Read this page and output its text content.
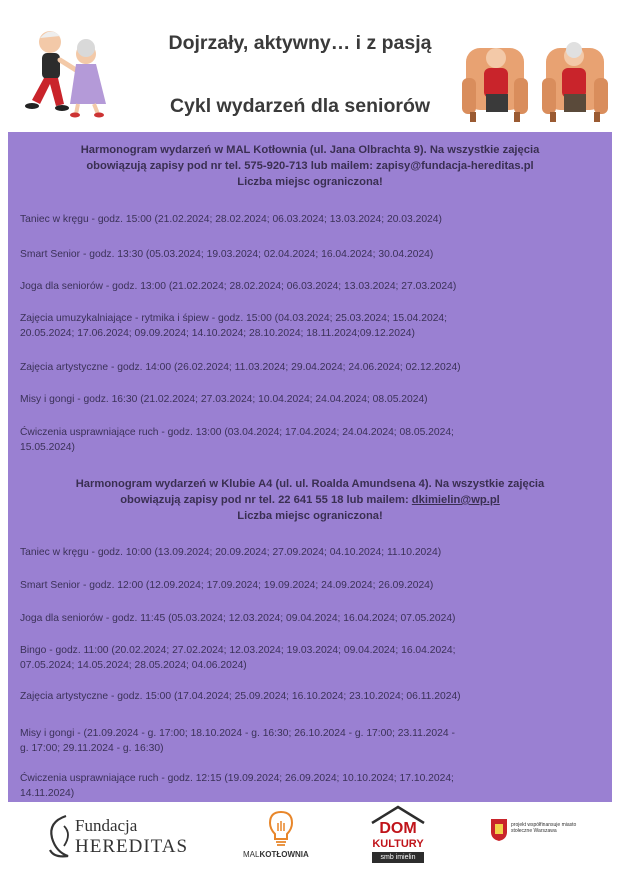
Dojrzały, aktywny… i z pasją
Cykl wydarzeń dla seniorów
Harmonogram wydarzeń w MAL Kotłownia (ul. Jana Olbrachta 9). Na wszystkie zajęcia
obowiązują zapisy pod nr tel. 575-920-713 lub mailem: zapisy@fundacja-hereditas.pl
Liczba miejsc ograniczona!
Taniec w kręgu - godz. 15:00 (21.02.2024; 28.02.2024; 06.03.2024; 13.03.2024; 20.03.2024)
Smart Senior - godz. 13:30 (05.03.2024; 19.03.2024; 02.04.2024; 16.04.2024; 30.04.2024)
Joga dla seniorów - godz. 13:00 (21.02.2024; 28.02.2024; 06.03.2024; 13.03.2024; 27.03.2024)
Zajęcia umuzykalniające - rytmika i śpiew - godz. 15:00 (04.03.2024; 25.03.2024; 15.04.2024;
20.05.2024; 17.06.2024; 09.09.2024; 14.10.2024; 28.10.2024; 18.11.2024;09.12.2024)
Zajęcia artystyczne - godz. 14:00 (26.02.2024; 11.03.2024; 29.04.2024; 24.06.2024; 02.12.2024)
Misy i gongi - godz. 16:30 (21.02.2024; 27.03.2024; 10.04.2024; 24.04.2024; 08.05.2024)
Ćwiczenia usprawniające ruch - godz. 13:00 (03.04.2024; 17.04.2024; 24.04.2024; 08.05.2024;
15.05.2024)
Harmonogram wydarzeń w Klubie A4 (ul. ul. Roalda Amundsena 4). Na wszystkie zajęcia
obowiązują zapisy pod nr tel. 22 641 55 18 lub mailem: dkimielin@wp.pl
Liczba miejsc ograniczona!
Taniec w kręgu - godz. 10:00 (13.09.2024; 20.09.2024; 27.09.2024; 04.10.2024; 11.10.2024)
Smart Senior - godz. 12:00 (12.09.2024; 17.09.2024; 19.09.2024; 24.09.2024; 26.09.2024)
Joga dla seniorów - godz. 11:45 (05.03.2024; 12.03.2024; 09.04.2024; 16.04.2024; 07.05.2024)
Bingo - godz. 11:00 (20.02.2024; 27.02.2024; 12.03.2024; 19.03.2024; 09.04.2024; 16.04.2024;
07.05.2024; 14.05.2024; 28.05.2024; 04.06.2024)
Zajęcia artystyczne - godz. 15:00 (17.04.2024; 25.09.2024; 16.10.2024; 23.10.2024; 06.11.2024)
Misy i gongi - (21.09.2024 - g. 17:00; 18.10.2024 - g. 16:30; 26.10.2024 - g. 17:00; 23.11.2024 -
g. 17:00; 29.11.2024 - g. 16:30)
Ćwiczenia usprawniające ruch - godz. 12:15 (19.09.2024; 26.09.2024; 10.10.2024; 17.10.2024;
14.11.2024)
Fundacja
HEREDITAS	MALKOTŁOWNIA
DOM
KULTURY
smb imielin
projekt współfinansuje miasto stołeczne Warszawa
